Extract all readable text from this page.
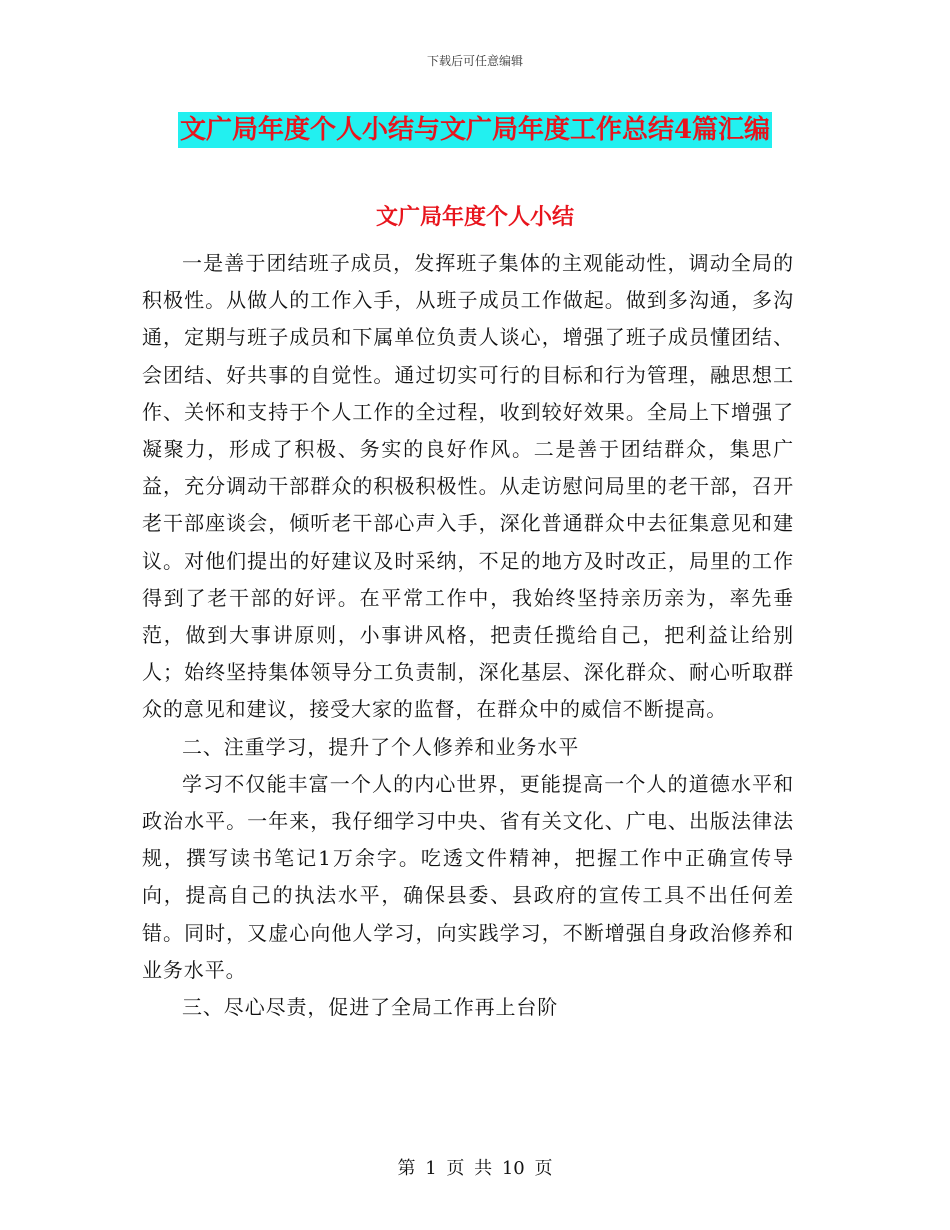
下载后可任意编辑
文广局年度个人小结与文广局年度工作总结4篇汇编
文广局年度个人小结

一是善于团结班子成员，发挥班子集体的主观能动性，调动全局的积极性。从做人的工作入手，从班子成员工作做起。做到多沟通，多沟通，定期与班子成员和下属单位负责人谈心，增强了班子成员懂团结、会团结、好共事的自觉性。通过切实可行的目标和行为管理，融思想工作、关怀和支持于个人工作的全过程，收到较好效果。全局上下增强了凝聚力，形成了积极、务实的良好作风。二是善于团结群众，集思广益，充分调动干部群众的积极积极性。从走访慰问局里的老干部，召开老干部座谈会，倾听老干部心声入手，深化普通群众中去征集意见和建议。对他们提出的好建议及时采纳，不足的地方及时改正，局里的工作得到了老干部的好评。在平常工作中，我始终坚持亲历亲为，率先垂范，做到大事讲原则，小事讲风格，把责任揽给自己，把利益让给别人；始终坚持集体领导分工负责制，深化基层、深化群众、耐心听取群众的意见和建议，接受大家的监督，在群众中的威信不断提高。

二、注重学习，提升了个人修养和业务水平

学习不仅能丰富一个人的内心世界，更能提高一个人的道德水平和政治水平。一年来，我仔细学习中央、省有关文化、广电、出版法律法规，撰写读书笔记1万余字。吃透文件精神，把握工作中正确宣传导向，提高自己的执法水平，确保县委、县政府的宣传工具不出任何差错。同时，又虚心向他人学习，向实践学习，不断增强自身政治修养和业务水平。

三、尽心尽责，促进了全局工作再上台阶

第 1 页 共 10 页
